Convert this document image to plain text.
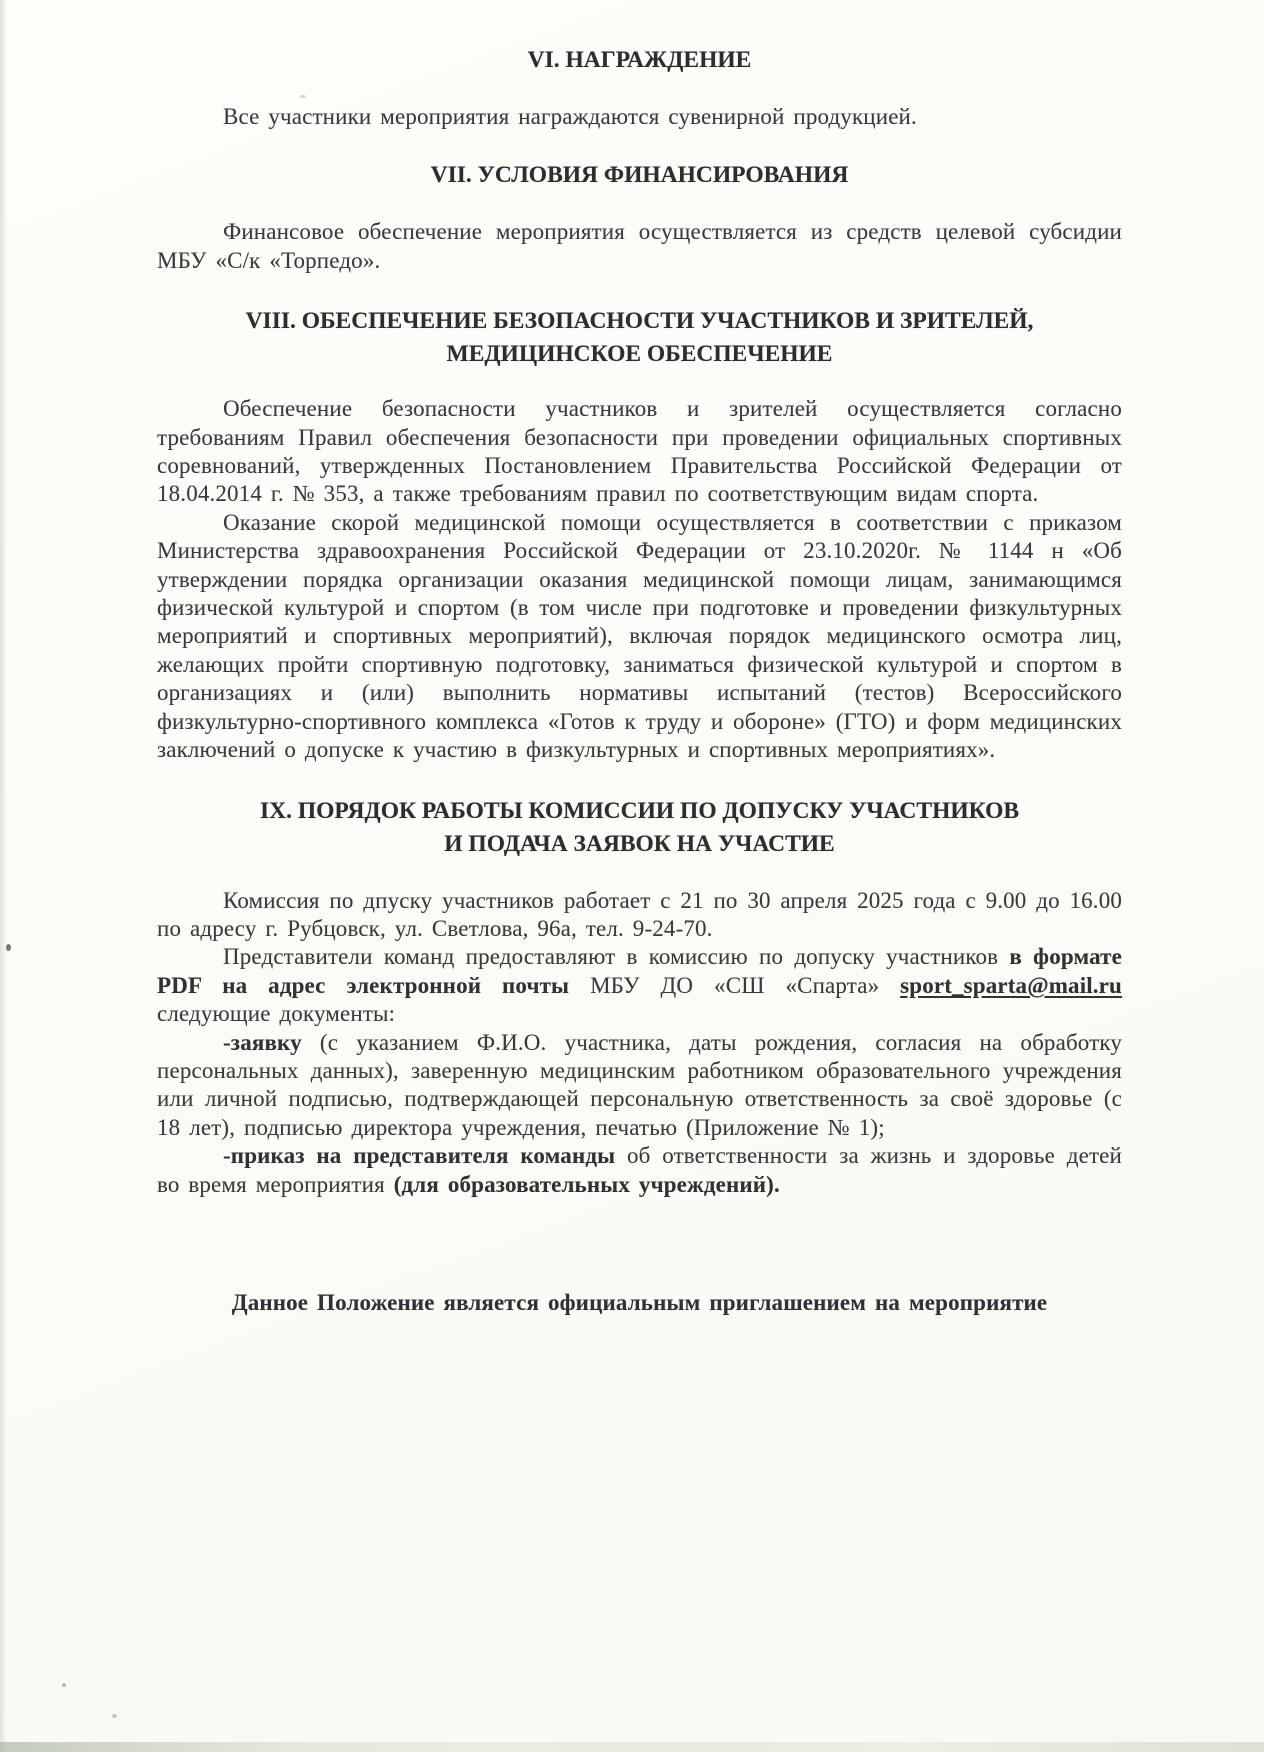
VI. НАГРАЖДЕНИЕ

Все участники мероприятия награждаются сувенирной продукцией.

VII. УСЛОВИЯ ФИНАНСИРОВАНИЯ

Финансовое обеспечение мероприятия осуществляется из средств целевой субсидии МБУ «С/к «Торпедо».

VIII. ОБЕСПЕЧЕНИЕ БЕЗОПАСНОСТИ УЧАСТНИКОВ И ЗРИТЕЛЕЙ,
МЕДИЦИНСКОЕ ОБЕСПЕЧЕНИЕ

Обеспечение безопасности участников и зрителей осуществляется согласно требованиям Правил обеспечения безопасности при проведении официальных спортивных соревнований, утвержденных Постановлением Правительства Российской Федерации от 18.04.2014 г. № 353, а также требованиям правил по соответствующим видам спорта.

Оказание скорой медицинской помощи осуществляется в соответствии с приказом Министерства здравоохранения Российской Федерации от 23.10.2020г. № 1144 н «Об утверждении порядка организации оказания медицинской помощи лицам, занимающимся физической культурой и спортом (в том числе при подготовке и проведении физкультурных мероприятий и спортивных мероприятий), включая порядок медицинского осмотра лиц, желающих пройти спортивную подготовку, заниматься физической культурой и спортом в организациях и (или) выполнить нормативы испытаний (тестов) Всероссийского физкультурно-спортивного комплекса «Готов к труду и обороне» (ГТО) и форм медицинских заключений о допуске к участию в физкультурных и спортивных мероприятиях».

IX. ПОРЯДОК РАБОТЫ КОМИССИИ ПО ДОПУСКУ УЧАСТНИКОВ
И ПОДАЧА ЗАЯВОК НА УЧАСТИЕ

Комиссия по дпуску участников работает с 21 по 30 апреля 2025 года с 9.00 до 16.00 по адресу г. Рубцовск, ул. Светлова, 96а, тел. 9-24-70.

Представители команд предоставляют в комиссию по допуску участников в формате PDF на адрес электронной почты МБУ ДО «СШ «Спарта» sport_sparta@mail.ru следующие документы:

-заявку (с указанием Ф.И.О. участника, даты рождения, согласия на обработку персональных данных), заверенную медицинским работником образовательного учреждения или личной подписью, подтверждающей персональную ответственность за своё здоровье (с 18 лет), подписью директора учреждения, печатью (Приложение № 1);

-приказ на представителя команды об ответственности за жизнь и здоровье детей во время мероприятия (для образовательных учреждений).

Данное Положение является официальным приглашением на мероприятие
